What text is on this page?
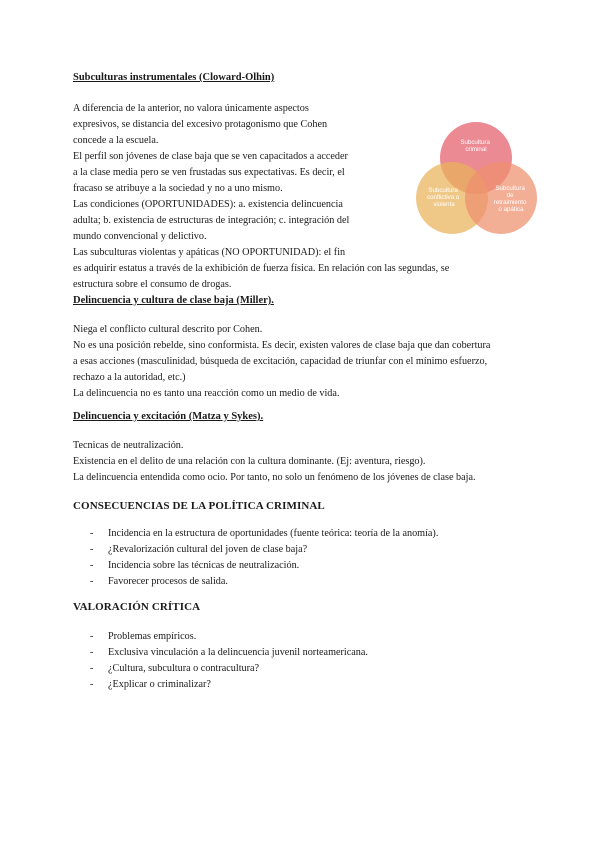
Subculturas instrumentales (Cloward-Olhin)
A diferencia de la anterior, no valora únicamente aspectos
expresivos, se distancia del excesivo protagonismo que Cohen
concede a la escuela.
El perfil son jóvenes de clase baja que se ven capacitados a acceder
a la clase media pero se ven frustadas sus expectativas. Es decir, el
fracaso se atribuye a la sociedad y no a uno mismo.
Las condiciones (OPORTUNIDADES): a. existencia delincuencia
adulta; b. existencia de estructuras de integración; c. integración del
mundo convencional y delictivo.
Las subculturas violentas y apáticas (NO OPORTUNIDAD): el fin
es adquirir estatus a través de la exhibición de fuerza física. En relación con las segundas, se
estructura sobre el consumo de drogas.
Subcultura criminal
Subcultura conflictiva o violenta
Subcultura de retraimiento o apática
Delincuencia y cultura de clase baja (Miller).
Niega el conflicto cultural descrito por Cohen.
No es una posición rebelde, sino conformista. Es decir, existen valores de clase baja que dan cobertura
a esas acciones (masculinidad, búsqueda de excitación, capacidad de triunfar con el mínimo esfuerzo,
rechazo a la autoridad, etc.)
La delincuencia no es tanto una reacción como un medio de vida.
Delincuencia y excitación (Matza y Sykes).
Tecnicas de neutralización.
Existencia en el delito de una relación con la cultura dominante. (Ej: aventura, riesgo).
La delincuencia entendida como ocio. Por tanto, no solo un fenómeno de los jóvenes de clase baja.
CONSECUENCIAS DE LA POLÍTICA CRIMINAL
- Incidencia en la estructura de oportunidades (fuente teórica: teoría de la anomía).
- ¿Revalorización cultural del joven de clase baja?
- Incidencia sobre las técnicas de neutralización.
- Favorecer procesos de salida.
VALORACIÓN CRÍTICA
- Problemas empíricos.
- Exclusiva vinculación a la delincuencia juvenil norteamericana.
- ¿Cultura, subcultura o contracultura?
- ¿Explicar o criminalizar?
